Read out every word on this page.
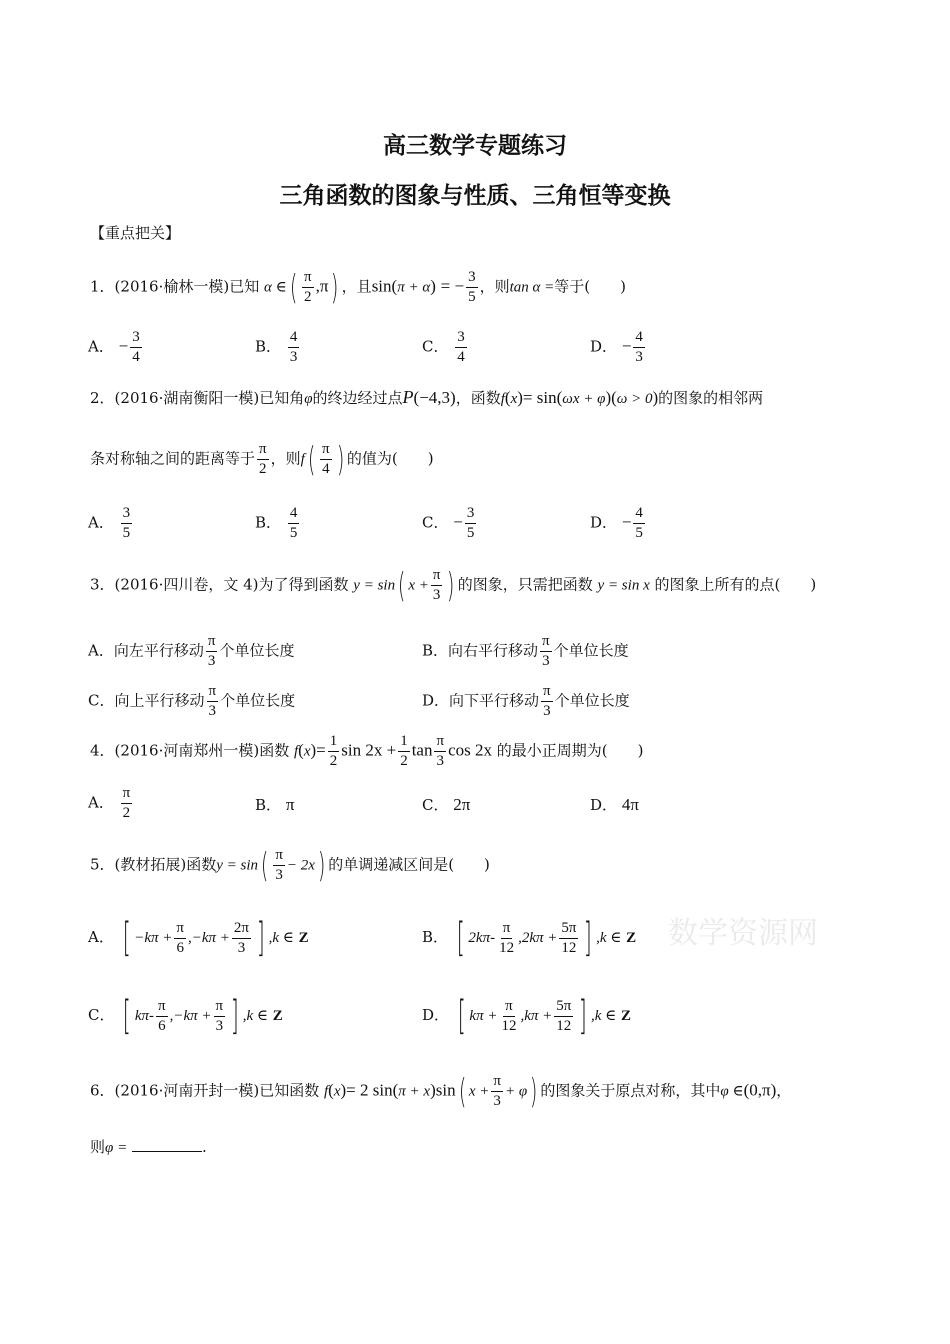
高三数学专题练习
三角函数的图象与性质、三角恒等变换
【重点把关】
1．(2016·榆林一模)已知 α ∈( $\frac{\pi}{2} ,\pi$) ，且sin(π + α) = − $\frac{3}{5}$ ，则tan α =等于(　　)
A． − $\frac{3}{4}$	B． $\frac{4}{3}$	C． $\frac{3}{4}$	D． − $\frac{4}{3}$
2．(2016·湖南衡阳一模)已知角φ的终边经过点P(−4,3)，函数f(x)= sin(ωx + φ)(ω > 0)的图象的相邻两
条对称轴之间的距离等于 $\frac{\pi}{2}$ ，则$f( \frac{\pi}{4}$ ) 的值为(　　)
A． $\frac{3}{5}$	B． $\frac{4}{5}$	C． − $\frac{3}{5}$	D． − $\frac{4}{5}$
3．(2016·四川卷，文 4)为了得到函数 y = sin( $x + \frac{\pi}{3}$ ) 的图象，只需把函数 y = sin x 的图象上所有的点(　　)
A．向左平行移动 $\frac{\pi}{3}$ 个单位长度	B．向右平行移动 $\frac{\pi}{3}$ 个单位长度
C．向上平行移动 $\frac{\pi}{3}$ 个单位长度	D．向下平行移动 $\frac{\pi}{3}$ 个单位长度
4．(2016·河南郑州一模)函数 $f(x)= \frac{1}{2}$ $\sin 2x + \frac{1}{2}$ $\tan \frac{\pi}{3}$ cos 2x 的最小正周期为(　　)
A． $\frac{\pi}{2}$	B． π	C． 2π	D． 4π
5．(教材拓展)函数$y = \sin( \frac{\pi}{3} - 2x)$ 的单调递减区间是(　　)
A． [ $-k\pi + \frac{\pi}{6} ,-k\pi + \frac{2\pi}{3}$ ] ,k ∈ Z	B． [ $2k\pi- \frac{\pi}{12} ,2k\pi + \frac{5\pi}{12}$ ] ,k ∈ Z
C． [ $k\pi- \frac{\pi}{6} ,-k\pi + \frac{\pi}{3}$ ] ,k ∈ Z	D． [ $k\pi + \frac{\pi}{12} ,k\pi + \frac{5\pi}{12}$ ] ,k ∈ Z
数学资源网
6．(2016·河南开封一模)已知函数 f(x)= 2 sin(π + x)sin( $x + \frac{\pi}{3} + \varphi$) 的图象关于原点对称，其中φ ∈(0,π)，
则φ =	.
